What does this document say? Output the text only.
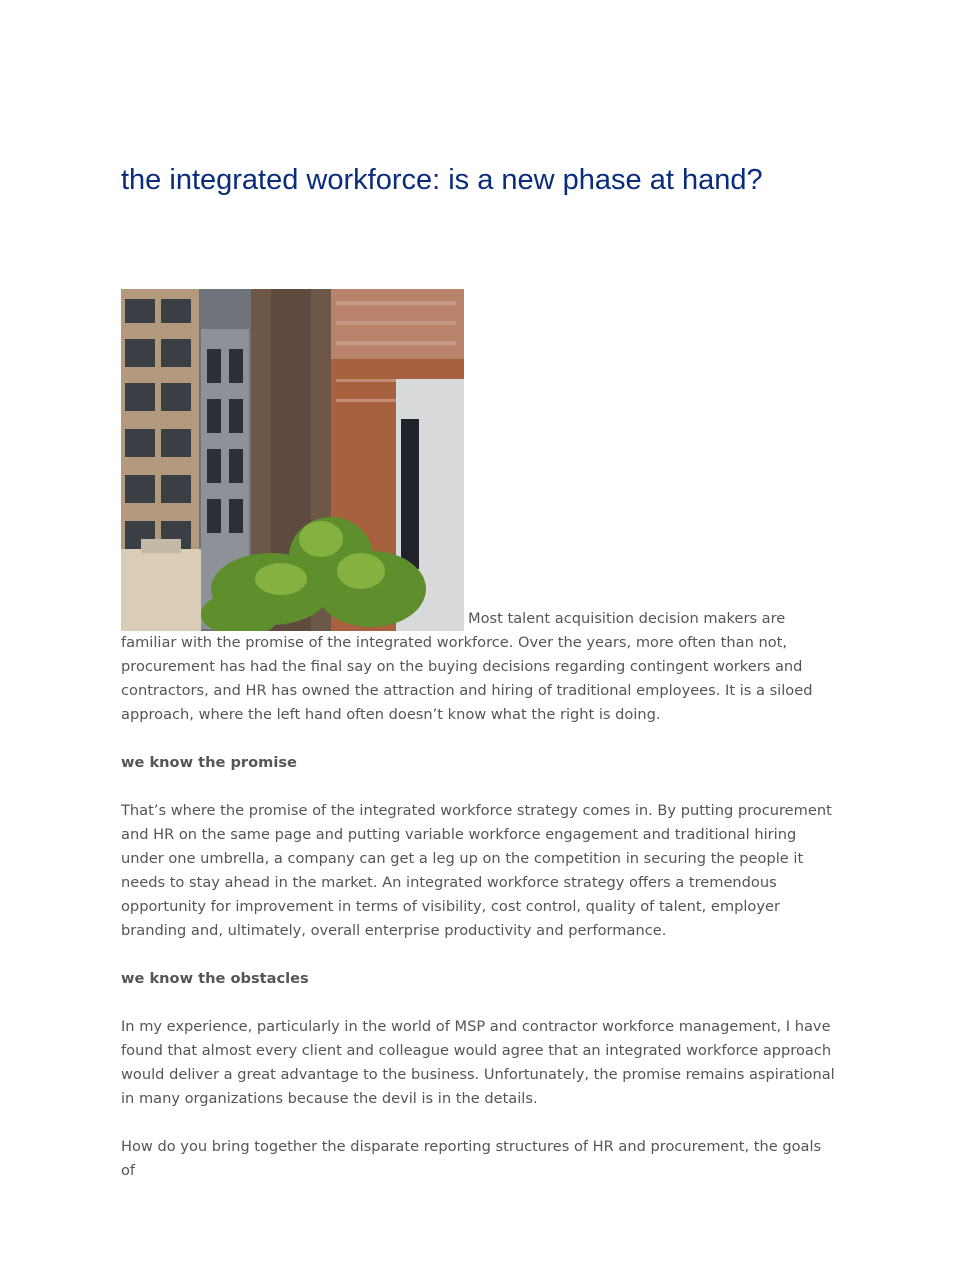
the integrated workforce: is a new phase at hand?

Most talent acquisition decision makers are familiar with the promise of the integrated workforce. Over the years, more often than not, procurement has had the final say on the buying decisions regarding contingent workers and contractors, and HR has owned the attraction and hiring of traditional employees. It is a siloed approach, where the left hand often doesn’t know what the right is doing.

we know the promise

That’s where the promise of the integrated workforce strategy comes in. By putting procurement and HR on the same page and putting variable workforce engagement and traditional hiring under one umbrella, a company can get a leg up on the competition in securing the people it needs to stay ahead in the market. An integrated workforce strategy offers a tremendous opportunity for improvement in terms of visibility, cost control, quality of talent, employer branding and, ultimately, overall enterprise productivity and performance.

we know the obstacles

In my experience, particularly in the world of MSP and contractor workforce management, I have found that almost every client and colleague would agree that an integrated workforce approach would deliver a great advantage to the business. Unfortunately, the promise remains aspirational in many organizations because the devil is in the details.

How do you bring together the disparate reporting structures of HR and procurement, the goals of
